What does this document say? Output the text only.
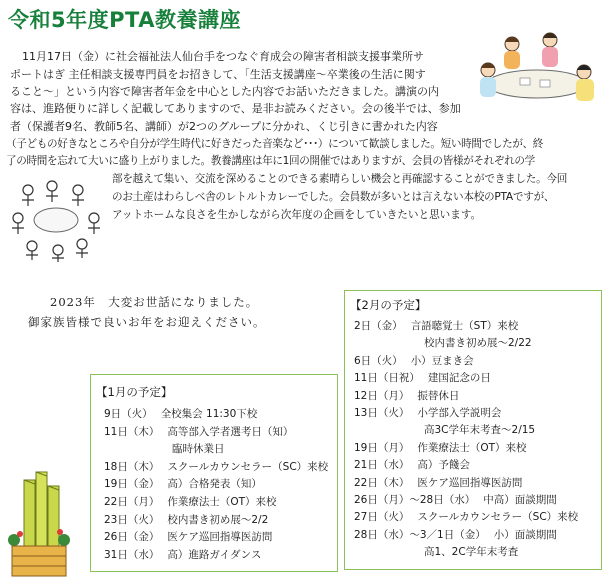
令和5年度PTA教養講座
11月17日（金）に社会福祉法人仙台手をつなぐ育成会の障害者相談支援事業所サ
ポートはぎ 主任相談支援専門員をお招きして、「生活支援講座〜卒業後の生活に関す
ること〜」という内容で障害者年金を中心とした内容でお話いただきました。講演の内
容は、進路便りに詳しく記載してありますので、是非お読みください。会の後半では、参加
者（保護者9名、教師5名、講師）が2つのグループに分かれ、くじ引きに書かれた内容
（子どもの好きなところや自分が学生時代に好きだった音楽など･･･）について歓談しました。短い時間でしたが、終
了の時間を忘れて大いに盛り上がりました。教養講座は年に1回の開催ではありますが、会員の皆様がそれぞれの学
部を越えて集い、交流を深めることのできる素晴らしい機会と再確認することができました。今回
のお土産はわらしべ舎のレトルトカレーでした。会員数が多いとは言えない本校のPTAですが、
アットホームな良さを生かしながら次年度の企画をしていきたいと思います。
2023年　大変お世話になりました。
御家族皆様で良いお年をお迎えください。
【1月の予定】
【2月の予定】
9日（火） 全校集会 11:30下校
11日（木） 高等部入学者選考日（知）
臨時休業日
18日（木） スクールカウンセラー（SC）来校
19日（金） 高）合格発表（知）
22日（月） 作業療法士（OT）来校
23日（火） 校内書き初め展〜2/2
26日（金） 医ケア巡回指導医訪問
31日（水） 高）進路ガイダンス
2日（金） 言語聴覚士（ST）来校
校内書き初め展〜2/22
6日（火） 小）豆まき会
11日（日祝） 建国記念の日
12日（月） 振替休日
13日（火） 小学部入学説明会
高3C学年末考査〜2/15
19日（月） 作業療法士（OT）来校
21日（水） 高）予餞会
22日（木） 医ケア巡回指導医訪問
26日（月）〜28日（水） 中高）面談期間
27日（火） スクールカウンセラー（SC）来校
28日（水）〜3／1日（金） 小）面談期間
高1、2C学年末考査
